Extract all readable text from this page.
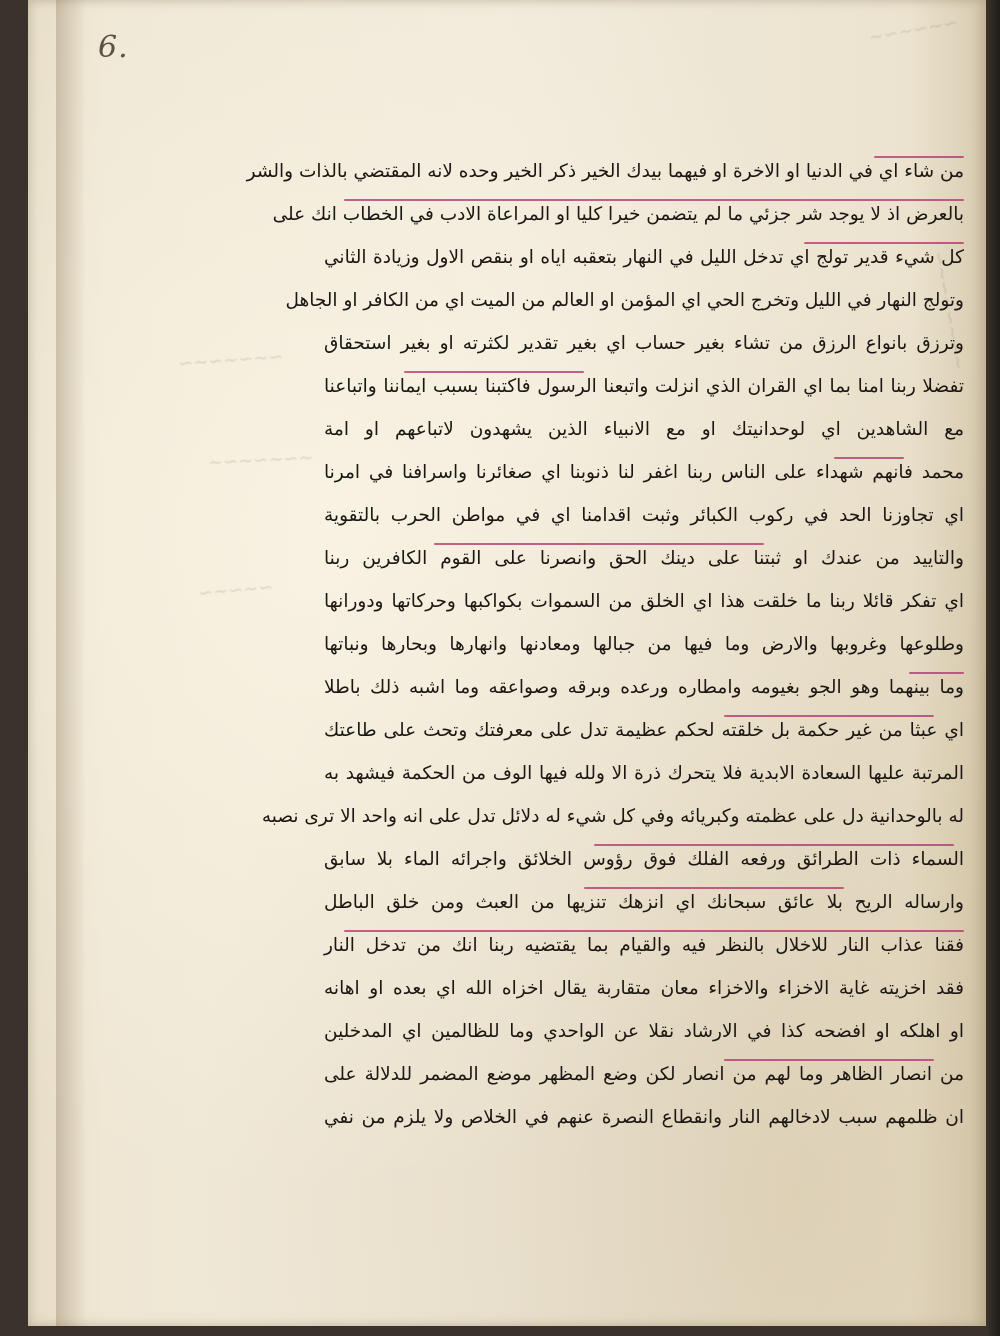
6.
∼∽∼∽∼∽∼
∽∼∽∼∽∼∽
∼∽∼∽∼
∽∼∽∼∽∼∽∼
∼∽∼∽∼∽
من شاء اي في الدنيا او الاخرة او فيهما بيدك الخير ذكر الخير وحده لانه المقتضي بالذات والشر
بالعرض اذ لا يوجد شر جزئي ما لم يتضمن خيرا كليا او المراعاة الادب في الخطاب انك على
كل شيء قدير تولج اي تدخل الليل في النهار بتعقبه اياه او بنقص الاول وزيادة الثاني
وتولج النهار في الليل وتخرج الحي اي المؤمن او العالم من الميت اي من الكافر او الجاهل
وترزق بانواع الرزق من تشاء بغير حساب اي بغير تقدير لكثرته او بغير استحقاق
تفضلا ربنا امنا بما اي القران الذي انزلت واتبعنا الرسول فاكتبنا بسبب ايماننا واتباعنا
مع الشاهدين اي لوحدانيتك او مع الانبياء الذين يشهدون لاتباعهم او امة
محمد فانهم شهداء على الناس ربنا اغفر لنا ذنوبنا اي صغائرنا واسرافنا في امرنا
اي تجاوزنا الحد في ركوب الكبائر وثبت اقدامنا اي في مواطن الحرب بالتقوية
والتاييد من عندك او ثبتنا على دينك الحق وانصرنا على القوم الكافرين ربنا
اي تفكر قائلا ربنا ما خلقت هذا اي الخلق من السموات بكواكبها وحركاتها ودورانها
وطلوعها وغروبها والارض وما فيها من جبالها ومعادنها وانهارها وبحارها ونباتها
وما بينهما وهو الجو بغيومه وامطاره ورعده وبرقه وصواعقه وما اشبه ذلك باطلا
اي عبثا من غير حكمة بل خلقته لحكم عظيمة تدل على معرفتك وتحث على طاعتك
المرتبة عليها السعادة الابدية فلا يتحرك ذرة الا ولله فيها الوف من الحكمة فيشهد به
له بالوحدانية دل على عظمته وكبريائه وفي كل شيء له دلائل تدل على انه واحد الا ترى نصبه
السماء ذات الطرائق ورفعه الفلك فوق رؤوس الخلائق واجرائه الماء بلا سابق
وارساله الريح بلا عائق سبحانك اي انزهك تنزيها من العبث ومن خلق الباطل
فقنا عذاب النار للاخلال بالنظر فيه والقيام بما يقتضيه ربنا انك من تدخل النار
فقد اخزيته غاية الاخزاء والاخزاء معان متقاربة يقال اخزاه الله اي بعده او اهانه
او اهلكه او افضحه كذا في الارشاد نقلا عن الواحدي وما للظالمين اي المدخلين
من انصار الظاهر وما لهم من انصار لكن وضع المظهر موضع المضمر للدلالة على
ان ظلمهم سبب لادخالهم النار وانقطاع النصرة عنهم في الخلاص ولا يلزم من نفي
